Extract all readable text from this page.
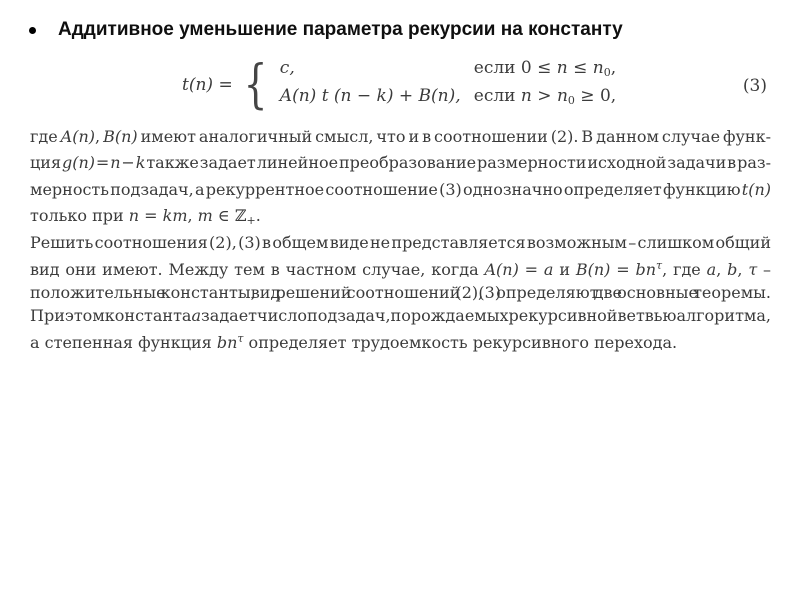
Аддитивное уменьшение параметра рекурсии на константу
t(n) = { c,	если 0 ≤ n ≤ n0,
A(n) t (n − k) + B(n), если n > n0 ≥ 0,	(3)
где A(n), B(n) имеют аналогичный смысл, что и в соотношении (2). В данном случае функ-
ция g(n) = n − k также задает линейное преобразование размерности исходной задачи в раз-
мерность подзадач, а рекуррентное соотношение (3) однозначно определяет функцию t(n)
только при n = km, m ∈ ℤ+.
Решить соотношения (2), (3) в общем виде не представляется возможным – слишком общий
вид они имеют. Между тем в частном случае, когда A(n) = a и $B(n) = bn^\tau$, где a, b, τ –
положительные константы, вид решений соотношений (2), (3) определяют две основные теоремы.
При этом константа a задает число подзадач, порождаемых рекурсивной ветвью алгоритма,
а степенная функция $bn^\tau$ определяет трудоемкость рекурсивного перехода.
